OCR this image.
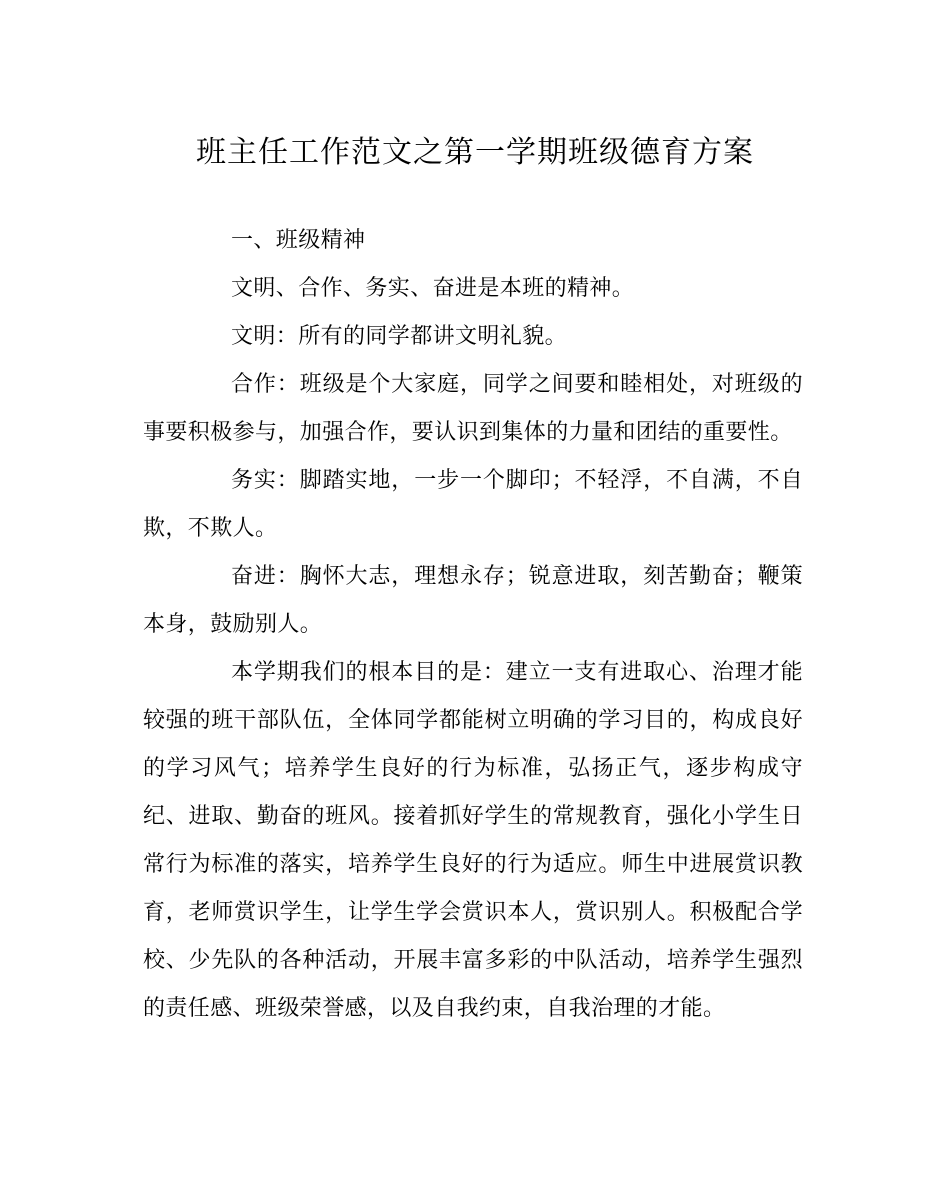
班主任工作范文之第一学期班级德育方案

一、班级精神

文明、合作、务实、奋进是本班的精神。

文明：所有的同学都讲文明礼貌。

合作：班级是个大家庭，同学之间要和睦相处，对班级的事要积极参与，加强合作，要认识到集体的力量和团结的重要性。

务实：脚踏实地，一步一个脚印；不轻浮，不自满，不自欺，不欺人。

奋进：胸怀大志，理想永存；锐意进取，刻苦勤奋；鞭策本身，鼓励别人。

本学期我们的根本目的是：建立一支有进取心、治理才能较强的班干部队伍，全体同学都能树立明确的学习目的，构成良好的学习风气；培养学生良好的行为标准，弘扬正气，逐步构成守纪、进取、勤奋的班风。接着抓好学生的常规教育，强化小学生日常行为标准的落实，培养学生良好的行为适应。师生中进展赏识教育，老师赏识学生，让学生学会赏识本人，赏识别人。积极配合学校、少先队的各种活动，开展丰富多彩的中队活动，培养学生强烈的责任感、班级荣誉感，以及自我约束，自我治理的才能。
